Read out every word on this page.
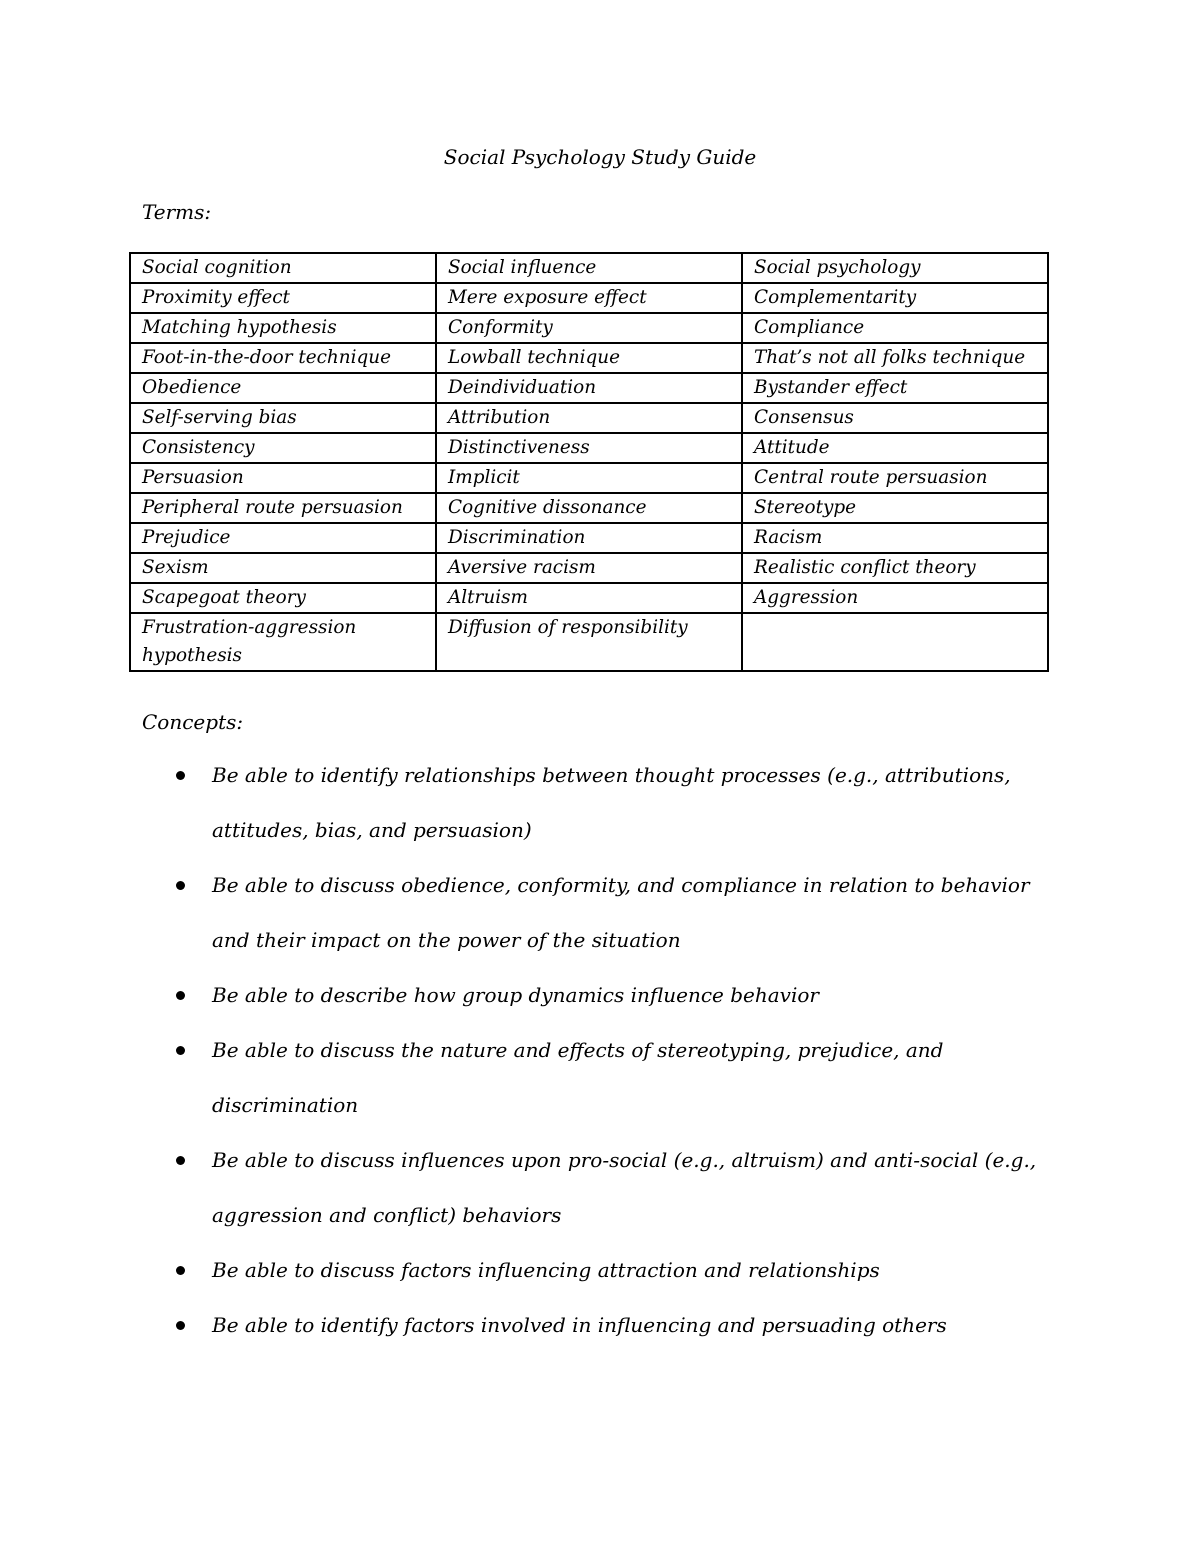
Social Psychology Study Guide
Terms:
Social cognition	Social influence	Social psychology
Proximity effect	Mere exposure effect	Complementarity
Matching hypothesis	Conformity	Compliance
Foot-in-the-door technique	Lowball technique	That’s not all folks technique
Obedience	Deindividuation	Bystander effect
Self-serving bias	Attribution	Consensus
Consistency	Distinctiveness	Attitude
Persuasion	Implicit	Central route persuasion
Peripheral route persuasion	Cognitive dissonance	Stereotype
Prejudice	Discrimination	Racism
Sexism	Aversive racism	Realistic conflict theory
Scapegoat theory	Altruism	Aggression
Frustration-aggression hypothesis	Diffusion of responsibility	
Concepts:
Be able to identify relationships between thought processes (e.g., attributions, attitudes, bias, and persuasion)
Be able to discuss obedience, conformity, and compliance in relation to behavior and their impact on the power of the situation
Be able to describe how group dynamics influence behavior
Be able to discuss the nature and effects of stereotyping, prejudice, and discrimination
Be able to discuss influences upon pro-social (e.g., altruism) and anti-social (e.g., aggression and conflict) behaviors
Be able to discuss factors influencing attraction and relationships
Be able to identify factors involved in influencing and persuading others
